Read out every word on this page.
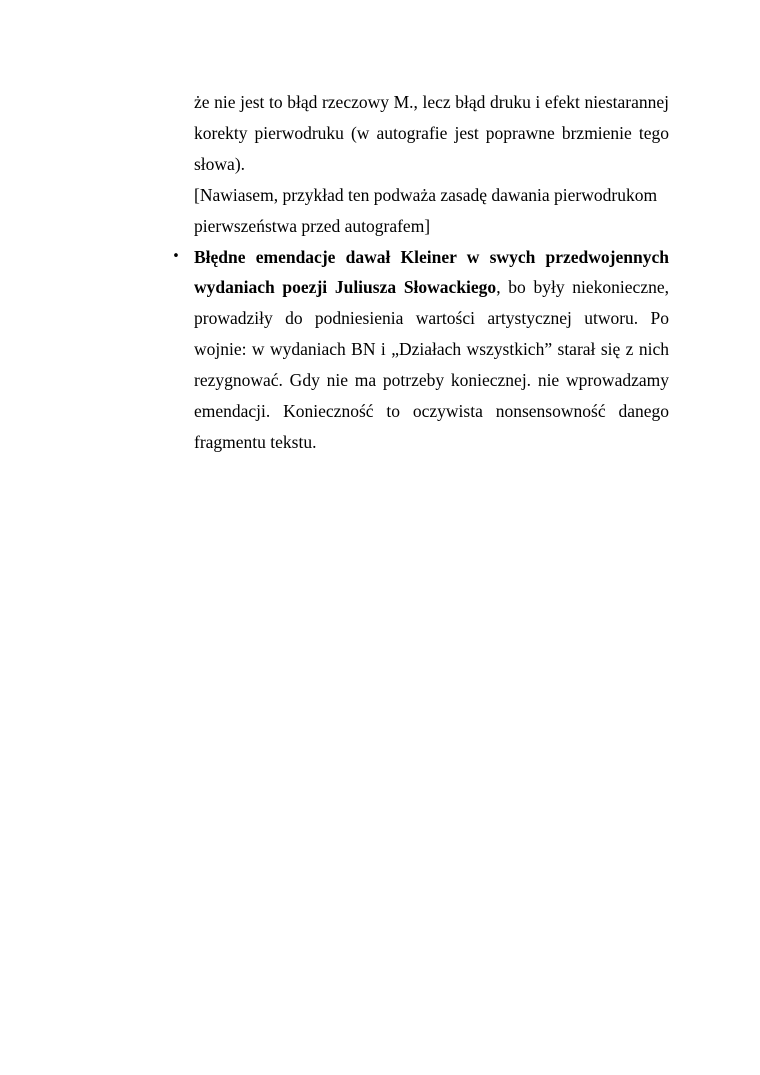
że nie jest to błąd rzeczowy M., lecz błąd druku i efekt niestarannej korekty pierwodruku (w autografie jest poprawne brzmienie tego słowa).

[Nawiasem, przykład ten podważa zasadę dawania pierwodrukom pierwszeństwa przed autografem]

• Błędne emendacje dawał Kleiner w swych przedwojennych wydaniach poezji Juliusza Słowackiego, bo były niekonieczne, prowadziły do podniesienia wartości artystycznej utworu. Po wojnie: w wydaniach BN i „Działach wszystkich” starał się z nich rezygnować. Gdy nie ma potrzeby koniecznej. nie wprowadzamy emendacji. Konieczność to oczywista nonsensowność danego fragmentu tekstu.
